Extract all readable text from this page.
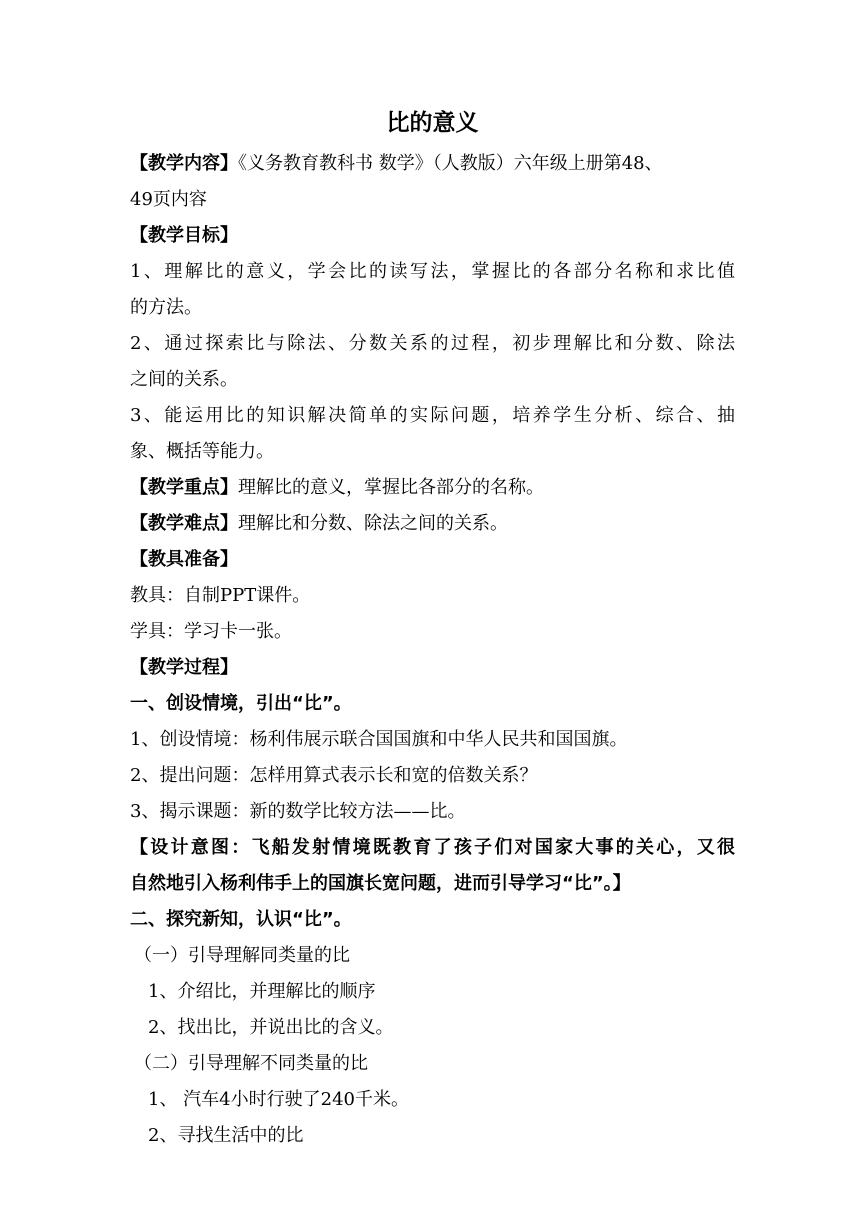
比的意义
【教学内容】《义务教育教科书 数学》（人教版）六年级上册第48、
49页内容
【教学目标】
1、理解比的意义，学会比的读写法，掌握比的各部分名称和求比值
的方法。
2、通过探索比与除法、分数关系的过程，初步理解比和分数、除法
之间的关系。
3、能运用比的知识解决简单的实际问题，培养学生分析、综合、抽
象、概括等能力。
【教学重点】理解比的意义，掌握比各部分的名称。
【教学难点】理解比和分数、除法之间的关系。
【教具准备】
教具：自制PPT课件。
学具：学习卡一张。
【教学过程】
一、创设情境，引出“比”。
1、创设情境：杨利伟展示联合国国旗和中华人民共和国国旗。
2、提出问题：怎样用算式表示长和宽的倍数关系？
3、揭示课题：新的数学比较方法——比。
【设计意图：飞船发射情境既教育了孩子们对国家大事的关心，又很
自然地引入杨利伟手上的国旗长宽问题，进而引导学习“比”。】
二、探究新知，认识“比”。
（一）引导理解同类量的比
1、介绍比，并理解比的顺序
2、找出比，并说出比的含义。
（二）引导理解不同类量的比
1、 汽车4小时行驶了240千米。
2、寻找生活中的比
